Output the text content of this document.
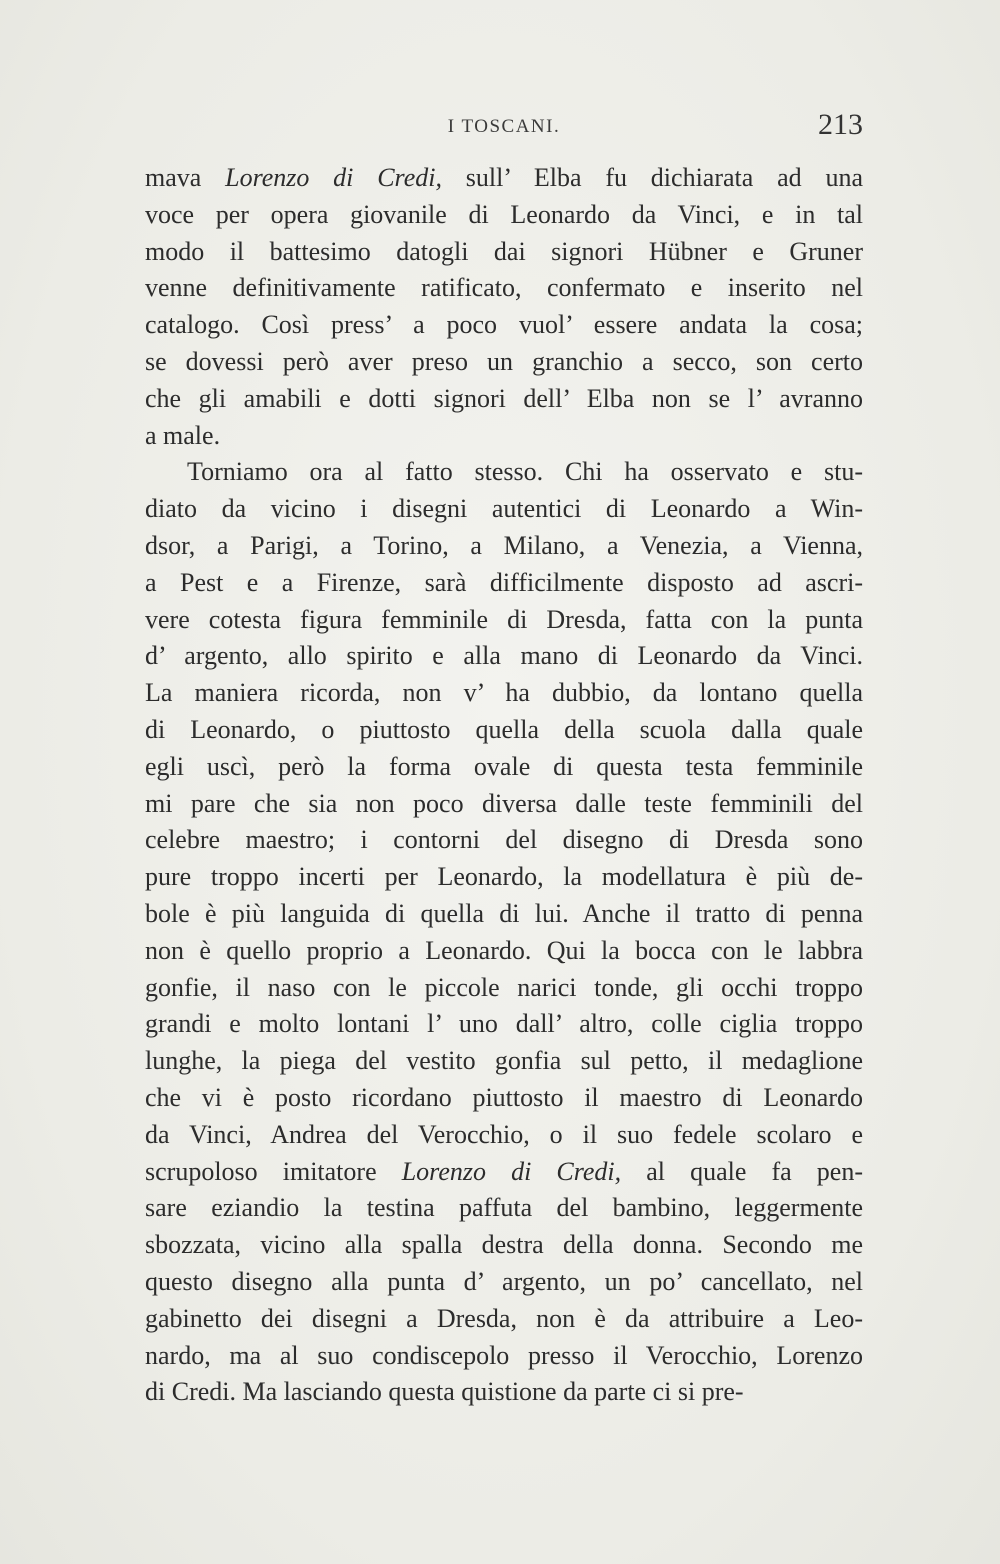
I TOSCANI.	213
mava Lorenzo di Credi, sull’ Elba fu dichiarata ad una
voce per opera giovanile di Leonardo da Vinci, e in tal
modo il battesimo datogli dai signori Hübner e Gruner
venne definitivamente ratificato, confermato e inserito nel
catalogo. Così press’ a poco vuol’ essere andata la cosa;
se dovessi però aver preso un granchio a secco, son certo
che gli amabili e dotti signori dell’ Elba non se l’ avranno
a male.
Torniamo ora al fatto stesso. Chi ha osservato e stu-
diato da vicino i disegni autentici di Leonardo a Win-
dsor, a Parigi, a Torino, a Milano, a Venezia, a Vienna,
a Pest e a Firenze, sarà difficilmente disposto ad ascri-
vere cotesta figura femminile di Dresda, fatta con la punta
d’ argento, allo spirito e alla mano di Leonardo da Vinci.
La maniera ricorda, non v’ ha dubbio, da lontano quella
di Leonardo, o piuttosto quella della scuola dalla quale
egli uscì, però la forma ovale di questa testa femminile
mi pare che sia non poco diversa dalle teste femminili del
celebre maestro; i contorni del disegno di Dresda sono
pure troppo incerti per Leonardo, la modellatura è più de-
bole è più languida di quella di lui. Anche il tratto di penna
non è quello proprio a Leonardo. Qui la bocca con le labbra
gonfie, il naso con le piccole narici tonde, gli occhi troppo
grandi e molto lontani l’ uno dall’ altro, colle ciglia troppo
lunghe, la piega del vestito gonfia sul petto, il medaglione
che vi è posto ricordano piuttosto il maestro di Leonardo
da Vinci, Andrea del Verocchio, o il suo fedele scolaro e
scrupoloso imitatore Lorenzo di Credi, al quale fa pen-
sare eziandio la testina paffuta del bambino, leggermente
sbozzata, vicino alla spalla destra della donna. Secondo me
questo disegno alla punta d’ argento, un po’ cancellato, nel
gabinetto dei disegni a Dresda, non è da attribuire a Leo-
nardo, ma al suo condiscepolo presso il Verocchio, Lorenzo
di Credi. Ma lasciando questa quistione da parte ci si pre-
